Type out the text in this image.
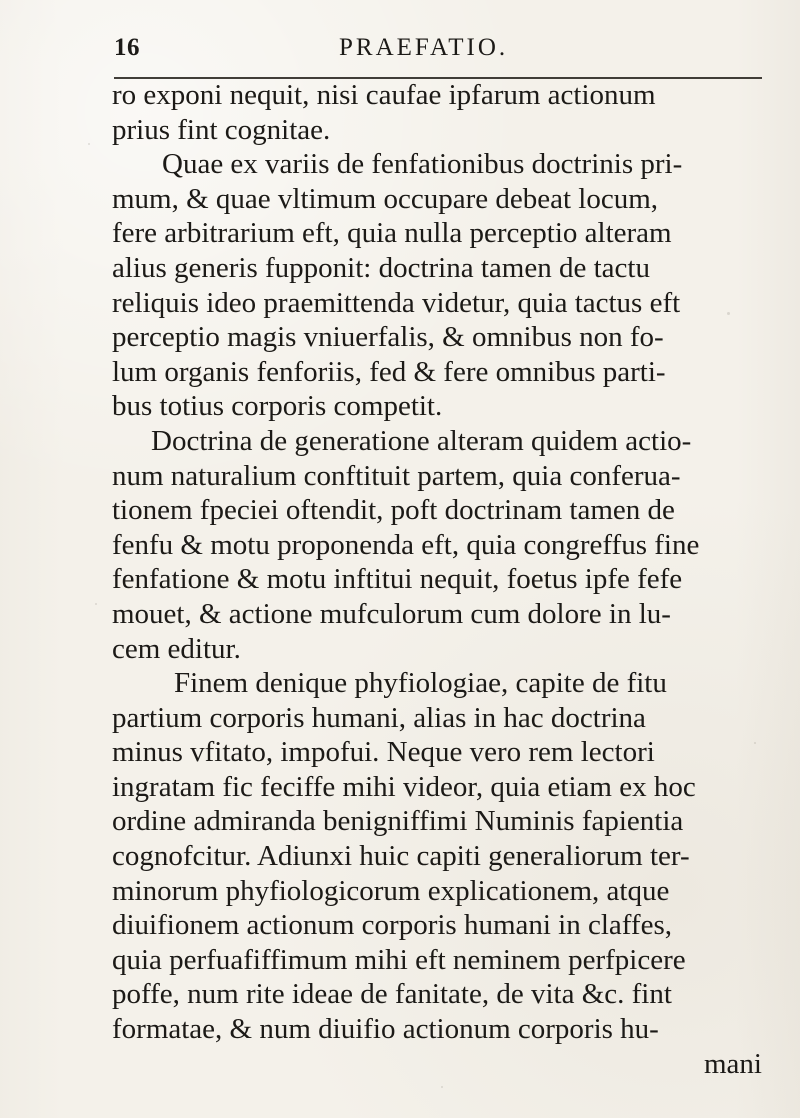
16	PRAEFATIO.
ro exponi nequit, nisi caufae ipfarum actionum
prius fint cognitae.
Quae ex variis de fenfationibus doctrinis pri-
mum, & quae vltimum occupare debeat locum,
fere arbitrarium eft, quia nulla perceptio alteram
alius generis fupponit: doctrina tamen de tactu
reliquis ideo praemittenda videtur, quia tactus eft
perceptio magis vniuerfalis, & omnibus non fo-
lum organis fenforiis, fed & fere omnibus parti-
bus totius corporis competit.
Doctrina de generatione alteram quidem actio-
num naturalium conftituit partem, quia conferua-
tionem fpeciei oftendit, poft doctrinam tamen de
fenfu & motu proponenda eft, quia congreffus fine
fenfatione & motu inftitui nequit, foetus ipfe fefe
mouet, & actione mufculorum cum dolore in lu-
cem editur.
Finem denique phyfiologiae, capite de fitu
partium corporis humani, alias in hac doctrina
minus vfitato, impofui. Neque vero rem lectori
ingratam fic feciffe mihi videor, quia etiam ex hoc
ordine admiranda benigniffimi Numinis fapientia
cognofcitur. Adiunxi huic capiti generaliorum ter-
minorum phyfiologicorum explicationem, atque
diuifionem actionum corporis humani in claffes,
quia perfuafiffimum mihi eft neminem perfpicere
poffe, num rite ideae de fanitate, de vita &c. fint
formatae, & num diuifio actionum corporis hu-
mani
